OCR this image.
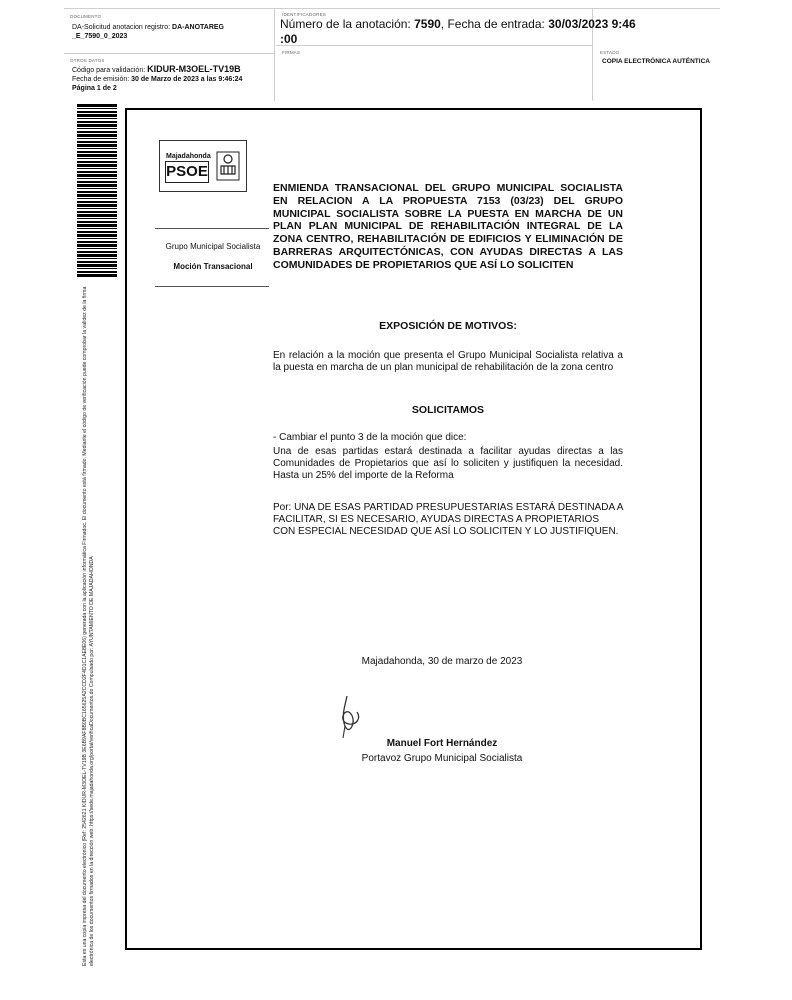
DOCUMENTO
DA-Solicitud anotacion registro: DA-ANOTAREG
_E_7590_0_2023
OTROS DATOS
Código para validación: KIDUR-M3OEL-TV19B
Fecha de emisión: 30 de Marzo de 2023 a las 9:46:24
Página 1 de 2
IDENTIFICADORES
Número de la anotación: 7590, Fecha de entrada: 30/03/2023 9:46
:00
FIRMAS	ESTADO
COPIA ELECTRÓNICA AUTÉNTICA
Esta es una copia impresa del documento electrónico (Ref: 2542621 KIDUR-M3OEL-TV19B 3E6B9AF8B0BC165625A2CCD2F4D1C1AE8E06) generada con la aplicación informática Firmadoc. El documento está firmado. Mediante el código de verificación puede comprobar la validez de la firma electrónica de los documentos firmados en la dirección web: https://sede.majadahonda.org/portal/verificaDocumentos.do Compulsado por: AYUNTAMIENTO DE MAJADAHONDA
Majadahonda
PSOE
Grupo Municipal Socialista
Moción Transacional
ENMIENDA TRANSACIONAL DEL GRUPO MUNICIPAL SOCIALISTA EN RELACION A LA PROPUESTA 7153 (03/23) DEL GRUPO MUNICIPAL SOCIALISTA SOBRE LA PUESTA EN MARCHA DE UN PLAN PLAN MUNICIPAL DE REHABILITACIÓN INTEGRAL DE LA ZONA CENTRO, REHABILITACIÓN DE EDIFICIOS Y ELIMINACIÓN DE BARRERAS ARQUITECTÓNICAS, CON AYUDAS DIRECTAS A LAS COMUNIDADES DE PROPIETARIOS QUE ASÍ LO SOLICITEN
EXPOSICIÓN DE MOTIVOS:
En relación a la moción que presenta el Grupo Municipal Socialista relativa a la puesta en marcha de un plan municipal de rehabilitación de la zona centro
SOLICITAMOS
- Cambiar el punto 3 de la moción que dice:
Una de esas partidas estará destinada a facilitar ayudas directas a las Comunidades de Propietarios que así lo soliciten y justifiquen la necesidad. Hasta un 25% del importe de la Reforma
Por: UNA DE ESAS PARTIDAD PRESUPUESTARIAS ESTARÁ DESTINADA A FACILITAR, SI ES NECESARIO, AYUDAS DIRECTAS A PROPIETARIOS CON ESPECIAL NECESIDAD QUE ASÍ LO SOLICITEN Y LO JUSTIFIQUEN.
Majadahonda, 30 de marzo de 2023
Manuel Fort Hernández
Portavoz Grupo Municipal Socialista
